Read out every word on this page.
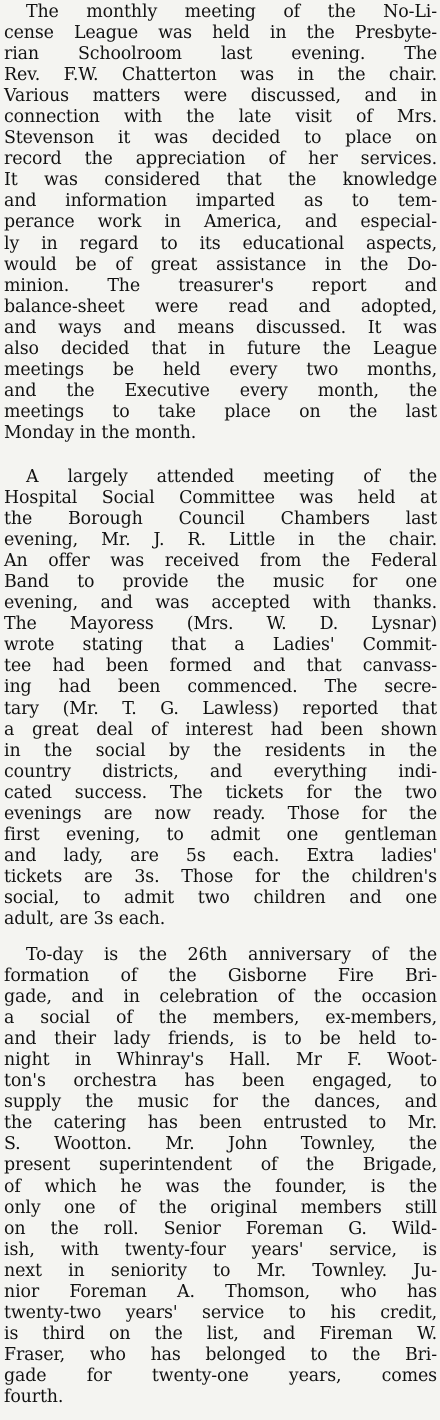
The monthly meeting of the No-Li-
cense League was held in the Presbyte-
rian Schoolroom last evening. The
Rev. F.W. Chatterton was in the chair.
Various matters were discussed, and in
connection with the late visit of Mrs.
Stevenson it was decided to place on
record the appreciation of her services.
It was considered that the knowledge
and information imparted as to tem-
perance work in America, and especial-
ly in regard to its educational aspects,
would be of great assistance in the Do-
minion. The treasurer's report and
balance-sheet were read and adopted,
and ways and means discussed. It was
also decided that in future the League
meetings be held every two months,
and the Executive every month, the
meetings to take place on the last
Monday in the month.
A largely attended meeting of the
Hospital Social Committee was held at
the Borough Council Chambers last
evening, Mr. J. R. Little in the chair.
An offer was received from the Federal
Band to provide the music for one
evening, and was accepted with thanks.
The Mayoress (Mrs. W. D. Lysnar)
wrote stating that a Ladies' Commit-
tee had been formed and that canvass-
ing had been commenced. The secre-
tary (Mr. T. G. Lawless) reported that
a great deal of interest had been shown
in the social by the residents in the
country districts, and everything indi-
cated success. The tickets for the two
evenings are now ready. Those for the
first evening, to admit one gentleman
and lady, are 5s each. Extra ladies'
tickets are 3s. Those for the children's
social, to admit two children and one
adult, are 3s each.
To-day is the 26th anniversary of the
formation of the Gisborne Fire Bri-
gade, and in celebration of the occasion
a social of the members, ex-members,
and their lady friends, is to be held to-
night in Whinray's Hall. Mr F. Woot-
ton's orchestra has been engaged, to
supply the music for the dances, and
the catering has been entrusted to Mr.
S. Wootton. Mr. John Townley, the
present superintendent of the Brigade,
of which he was the founder, is the
only one of the original members still
on the roll. Senior Foreman G. Wild-
ish, with twenty-four years' service, is
next in seniority to Mr. Townley. Ju-
nior Foreman A. Thomson, who has
twenty-two years' service to his credit,
is third on the list, and Fireman W.
Fraser, who has belonged to the Bri-
gade for twenty-one years, comes
fourth.
